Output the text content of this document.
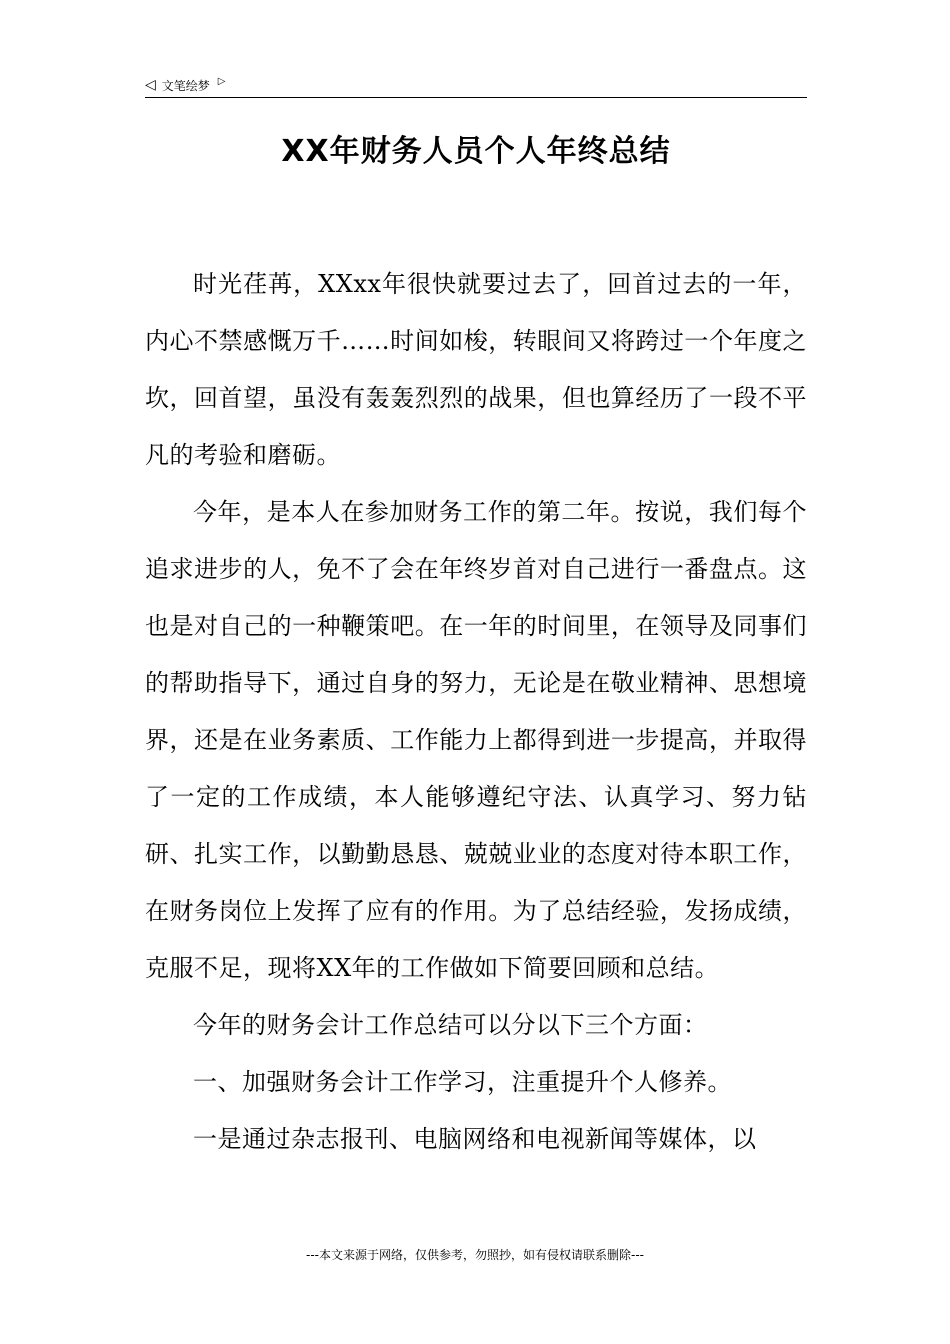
◁ 文笔绘梦 ▷
XX年财务人员个人年终总结

时光荏苒，XXxx年很快就要过去了，回首过去的一年，内心不禁感慨万千……时间如梭，转眼间又将跨过一个年度之坎，回首望，虽没有轰轰烈烈的战果，但也算经历了一段不平凡的考验和磨砺。

今年，是本人在参加财务工作的第二年。按说，我们每个追求进步的人，免不了会在年终岁首对自己进行一番盘点。这也是对自己的一种鞭策吧。在一年的时间里，在领导及同事们的帮助指导下，通过自身的努力，无论是在敬业精神、思想境界，还是在业务素质、工作能力上都得到进一步提高，并取得了一定的工作成绩，本人能够遵纪守法、认真学习、努力钻研、扎实工作，以勤勤恳恳、兢兢业业的态度对待本职工作，在财务岗位上发挥了应有的作用。为了总结经验，发扬成绩，克服不足，现将XX年的工作做如下简要回顾和总结。

今年的财务会计工作总结可以分以下三个方面：

一、加强财务会计工作学习，注重提升个人修养。

一是通过杂志报刊、电脑网络和电视新闻等媒体，以

---本文来源于网络，仅供参考，勿照抄，如有侵权请联系删除---
